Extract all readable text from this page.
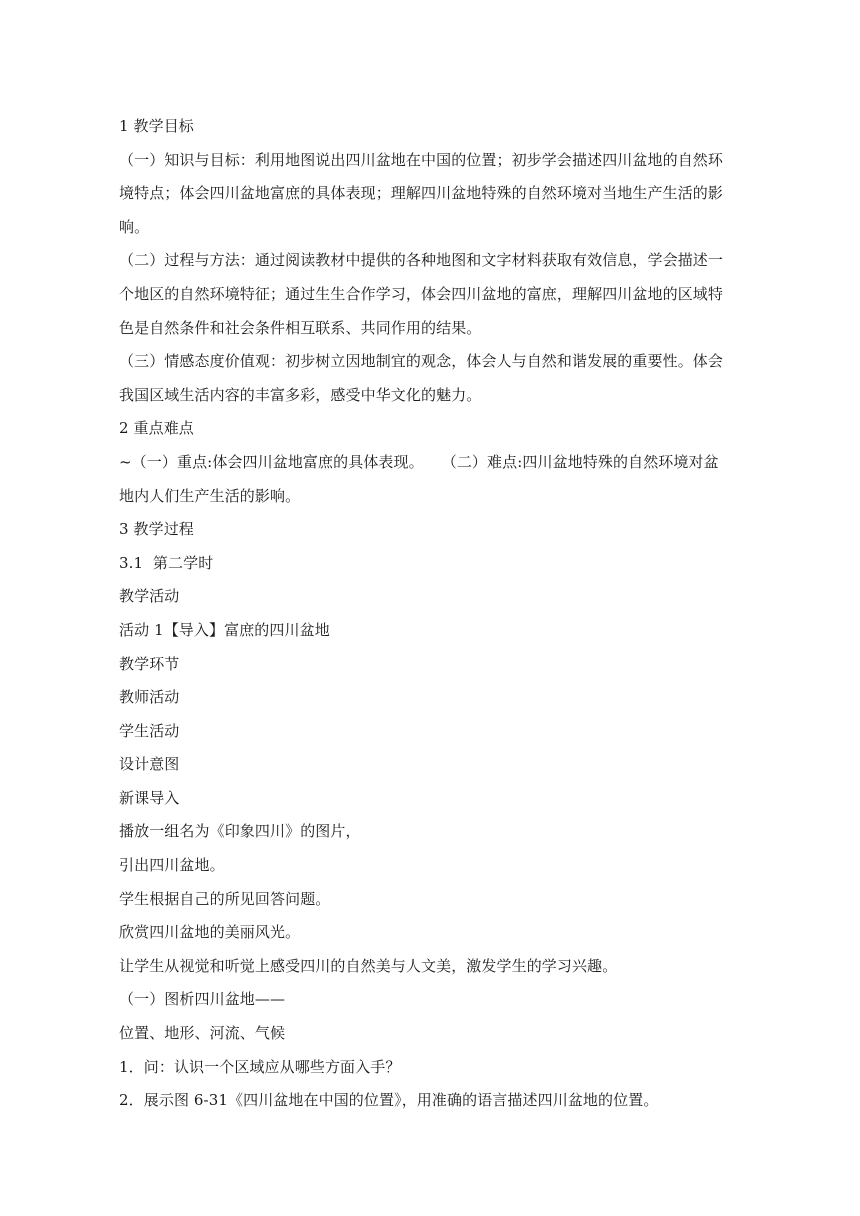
1 教学目标

（一）知识与目标：利用地图说出四川盆地在中国的位置；初步学会描述四川盆地的自然环境特点；体会四川盆地富庶的具体表现；理解四川盆地特殊的自然环境对当地生产生活的影响。

（二）过程与方法：通过阅读教材中提供的各种地图和文字材料获取有效信息，学会描述一个地区的自然环境特征；通过生生合作学习，体会四川盆地的富庶，理解四川盆地的区域特色是自然条件和社会条件相互联系、共同作用的结果。

（三）情感态度价值观：初步树立因地制宜的观念，体会人与自然和谐发展的重要性。体会我国区域生活内容的丰富多彩，感受中华文化的魅力。

2 重点难点

~（一）重点:体会四川盆地富庶的具体表现。 （二）难点:四川盆地特殊的自然环境对盆地内人们生产生活的影响。

3 教学过程

3.1  第二学时

教学活动

活动 1【导入】富庶的四川盆地

教学环节

教师活动

学生活动

设计意图

新课导入

播放一组名为《印象四川》的图片，

引出四川盆地。

学生根据自己的所见回答问题。

欣赏四川盆地的美丽风光。

让学生从视觉和听觉上感受四川的自然美与人文美，激发学生的学习兴趣。

（一）图析四川盆地——

位置、地形、河流、气候

1．问：认识一个区域应从哪些方面入手？

2．展示图 6-31《四川盆地在中国的位置》，用准确的语言描述四川盆地的位置。
